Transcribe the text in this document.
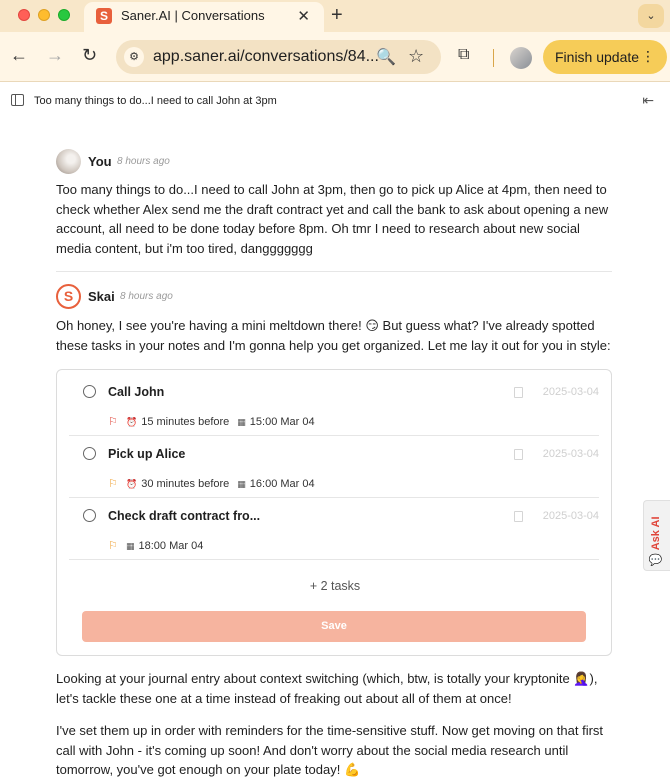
S	Saner.AI | Conversations ✕ +	⌄
← → ↻	⚙ app.saner.ai/conversations/84...
🔍 ☆ ⧉	Finish update ⋮
Too many things to do...I need to call John at 3pm	⇤
You 8 hours ago
Too many things to do...I need to call John at 3pm, then go to pick up Alice at 4pm, then need to check whether Alex send me the draft contract yet and call the bank to ask about opening a new account, all need to be done today before 8pm. Oh tmr I need to research about new social media content, but i'm too tired, danggggggg
S	Skai 8 hours ago
Oh honey, I see you're having a mini meltdown there! 😏 But guess what? I've already spotted these tasks in your notes and I'm gonna help you get organized. Let me lay it out for you in style:
Call John	2025-03-04
⚐ ⏰ 15 minutes before ▦ 15:00 Mar 04
Pick up Alice	2025-03-04
⚐ ⏰ 30 minutes before ▦ 16:00 Mar 04
Check draft contract fro...	2025-03-04
⚐ ▦ 18:00 Mar 04
+ 2 tasks
Save
Looking at your journal entry about context switching (which, btw, is totally your kryptonite 🤦‍♀️), let's tackle these one at a time instead of freaking out about all of them at once!
I've set them up in order with reminders for the time-sensitive stuff. Now get moving on that first call with John - it's coming up soon! And don't worry about the social media research until tomorrow, you've got enough on your plate today! 💪
💬Ask AI
